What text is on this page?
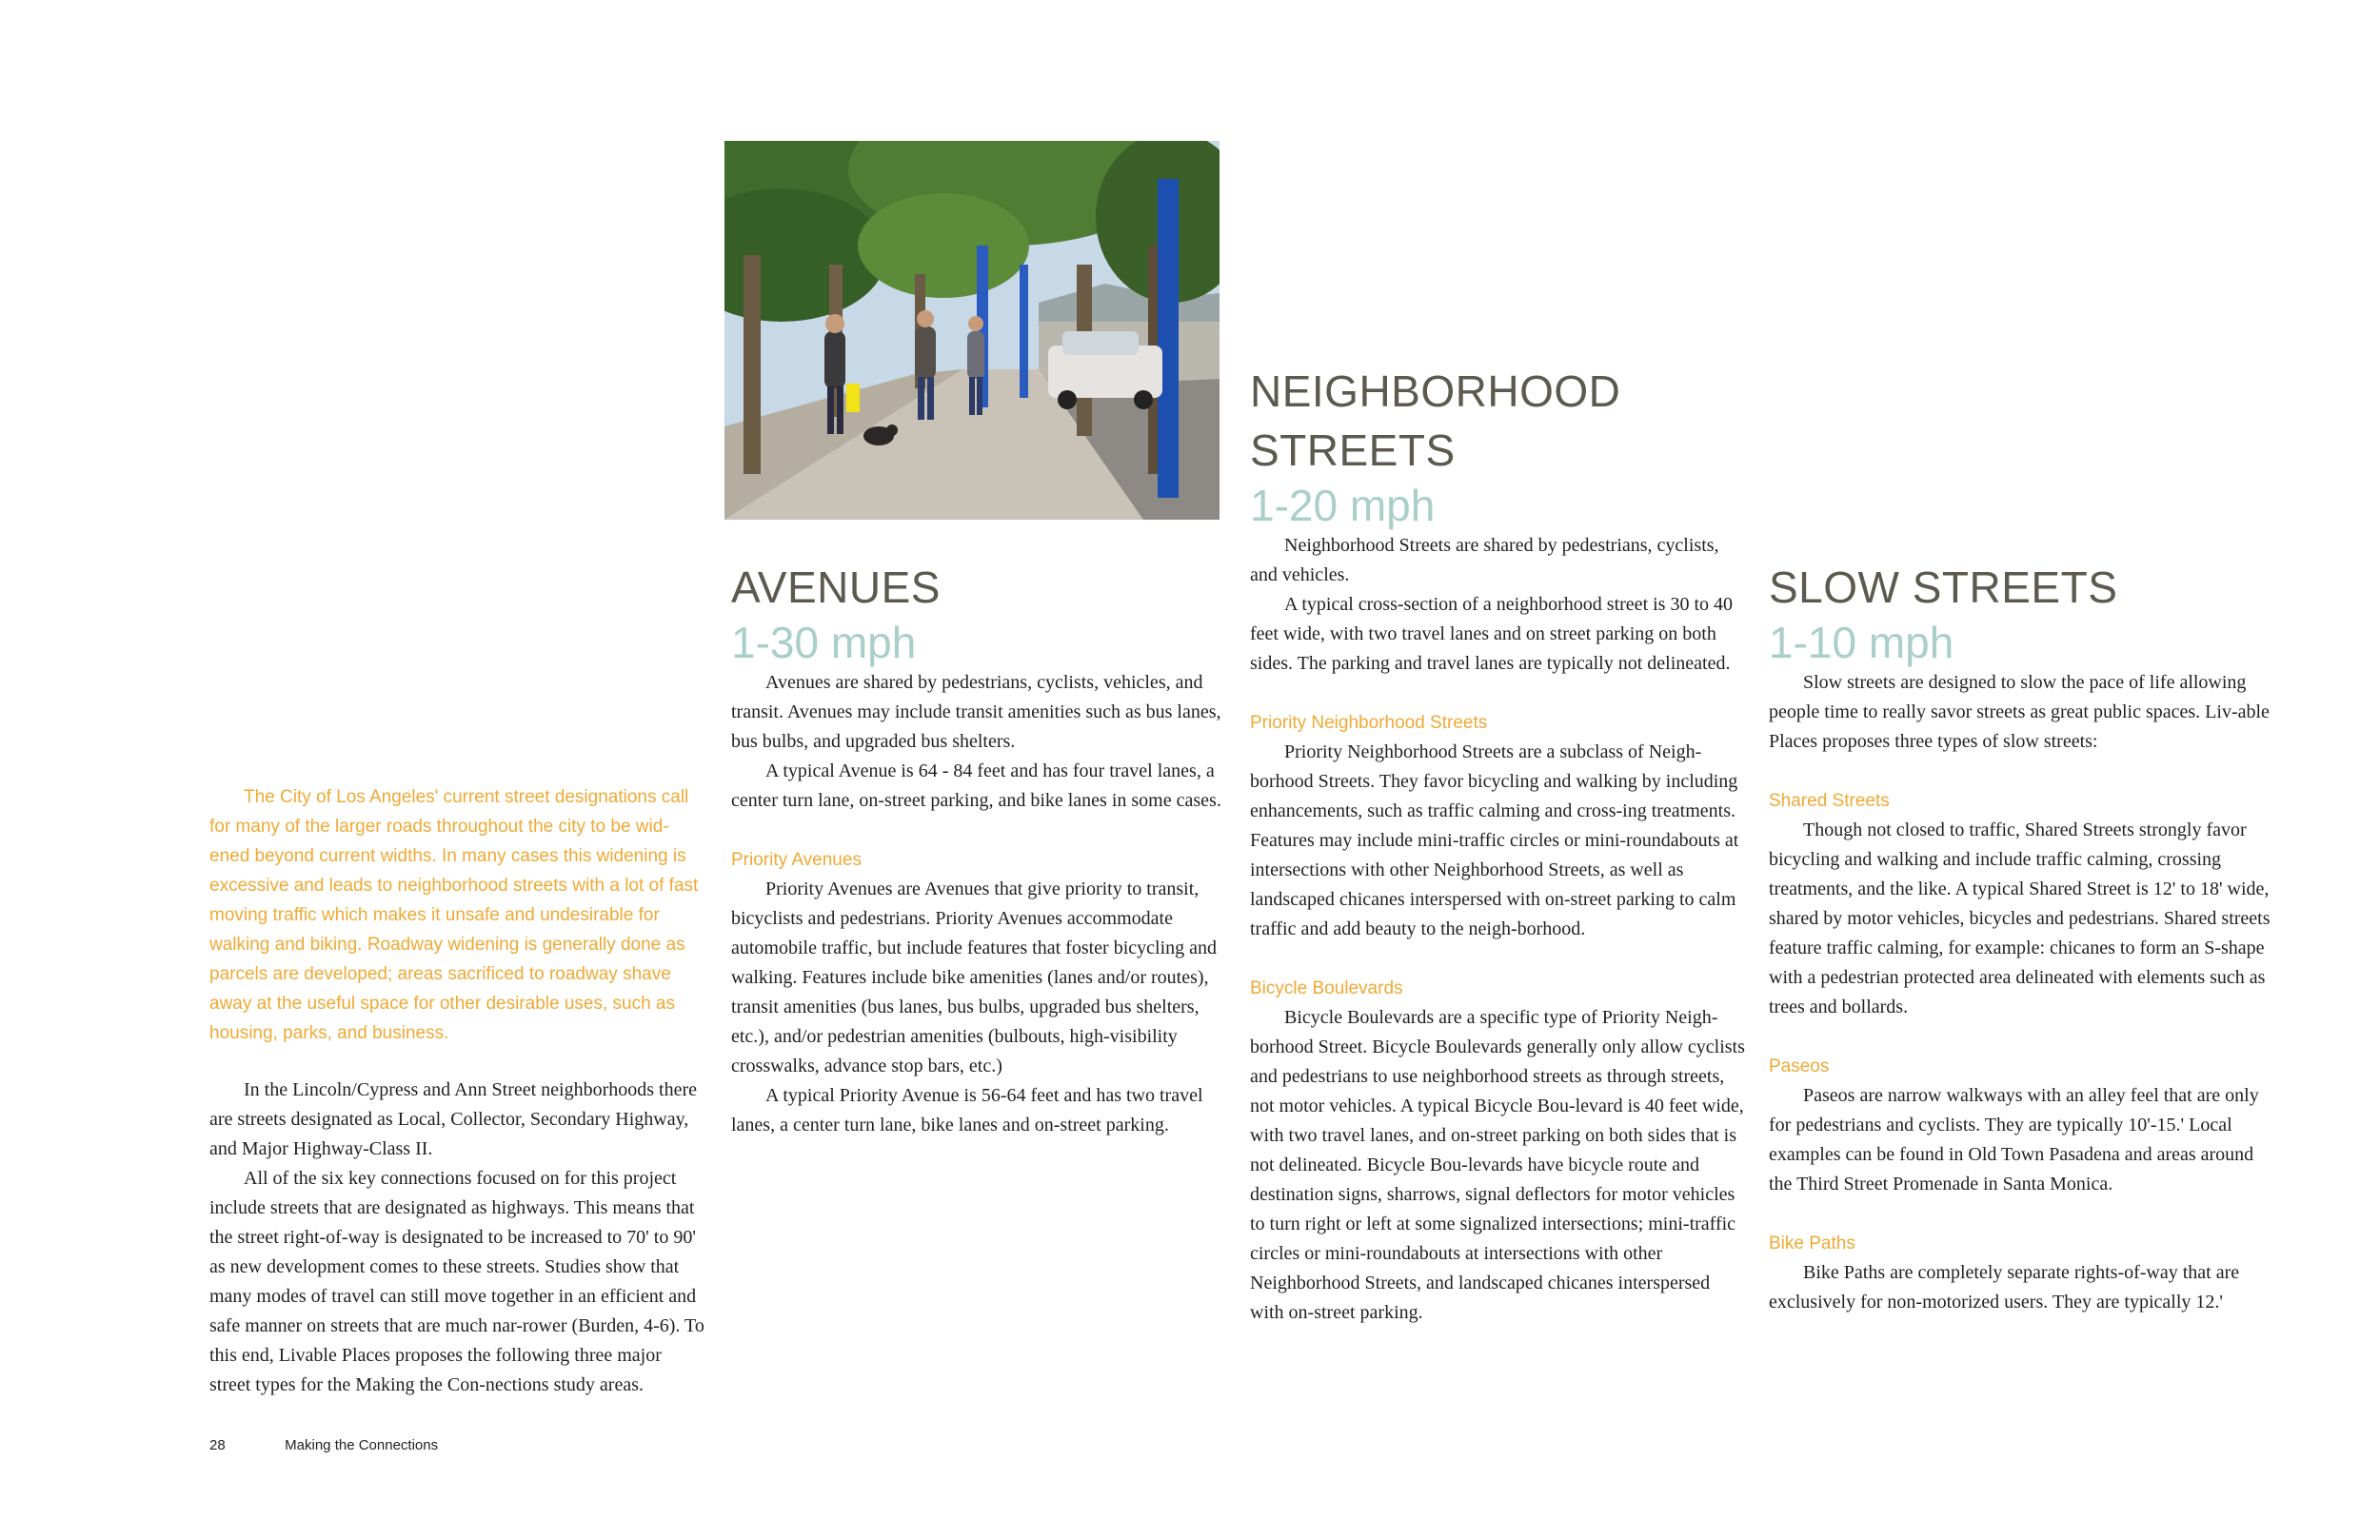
The City of Los Angeles' current street designations call for many of the larger roads throughout the city to be wid-ened beyond current widths. In many cases this widening is excessive and leads to neighborhood streets with a lot of fast moving traffic which makes it unsafe and undesirable for walking and biking. Roadway widening is generally done as parcels are developed; areas sacrificed to roadway shave away at the useful space for other desirable uses, such as housing, parks, and business.

In the Lincoln/Cypress and Ann Street neighborhoods there are streets designated as Local, Collector, Secondary Highway, and Major Highway-Class II.

All of the six key connections focused on for this project include streets that are designated as highways. This means that the street right-of-way is designated to be increased to 70' to 90' as new development comes to these streets. Studies show that many modes of travel can still move together in an efficient and safe manner on streets that are much nar-rower (Burden, 4-6). To this end, Livable Places proposes the following three major street types for the Making the Con-nections study areas.

AVENUES
1-30 mph

Avenues are shared by pedestrians, cyclists, vehicles, and transit. Avenues may include transit amenities such as bus lanes, bus bulbs, and upgraded bus shelters.

A typical Avenue is 64 - 84 feet and has four travel lanes, a center turn lane, on-street parking, and bike lanes in some cases.

Priority Avenues

Priority Avenues are Avenues that give priority to transit, bicyclists and pedestrians. Priority Avenues accommodate automobile traffic, but include features that foster bicycling and walking. Features include bike amenities (lanes and/or routes), transit amenities (bus lanes, bus bulbs, upgraded bus shelters, etc.), and/or pedestrian amenities (bulbouts, high-visibility crosswalks, advance stop bars, etc.)

A typical Priority Avenue is 56-64 feet and has two travel lanes, a center turn lane, bike lanes and on-street parking.

NEIGHBORHOOD
STREETS
1-20 mph

Neighborhood Streets are shared by pedestrians, cyclists, and vehicles.

A typical cross-section of a neighborhood street is 30 to 40 feet wide, with two travel lanes and on street parking on both sides. The parking and travel lanes are typically not delineated.

Priority Neighborhood Streets

Priority Neighborhood Streets are a subclass of Neigh-borhood Streets. They favor bicycling and walking by including enhancements, such as traffic calming and cross-ing treatments. Features may include mini-traffic circles or mini-roundabouts at intersections with other Neighborhood Streets, as well as landscaped chicanes interspersed with on-street parking to calm traffic and add beauty to the neigh-borhood.

Bicycle Boulevards

Bicycle Boulevards are a specific type of Priority Neigh-borhood Street. Bicycle Boulevards generally only allow cyclists and pedestrians to use neighborhood streets as through streets, not motor vehicles. A typical Bicycle Bou-levard is 40 feet wide, with two travel lanes, and on-street parking on both sides that is not delineated. Bicycle Bou-levards have bicycle route and destination signs, sharrows, signal deflectors for motor vehicles to turn right or left at some signalized intersections; mini-traffic circles or mini-roundabouts at intersections with other Neighborhood Streets, and landscaped chicanes interspersed with on-street parking.

SLOW STREETS
1-10 mph

Slow streets are designed to slow the pace of life allowing people time to really savor streets as great public spaces. Liv-able Places proposes three types of slow streets:

Shared Streets

Though not closed to traffic, Shared Streets strongly favor bicycling and walking and include traffic calming, crossing treatments, and the like. A typical Shared Street is 12' to 18' wide, shared by motor vehicles, bicycles and pedestrians. Shared streets feature traffic calming, for example: chicanes to form an S-shape with a pedestrian protected area delineated with elements such as trees and bollards.

Paseos

Paseos are narrow walkways with an alley feel that are only for pedestrians and cyclists. They are typically 10'-15.' Local examples can be found in Old Town Pasadena and areas around the Third Street Promenade in Santa Monica.

Bike Paths

Bike Paths are completely separate rights-of-way that are exclusively for non-motorized users. They are typically 12.'

28	Making the Connections
